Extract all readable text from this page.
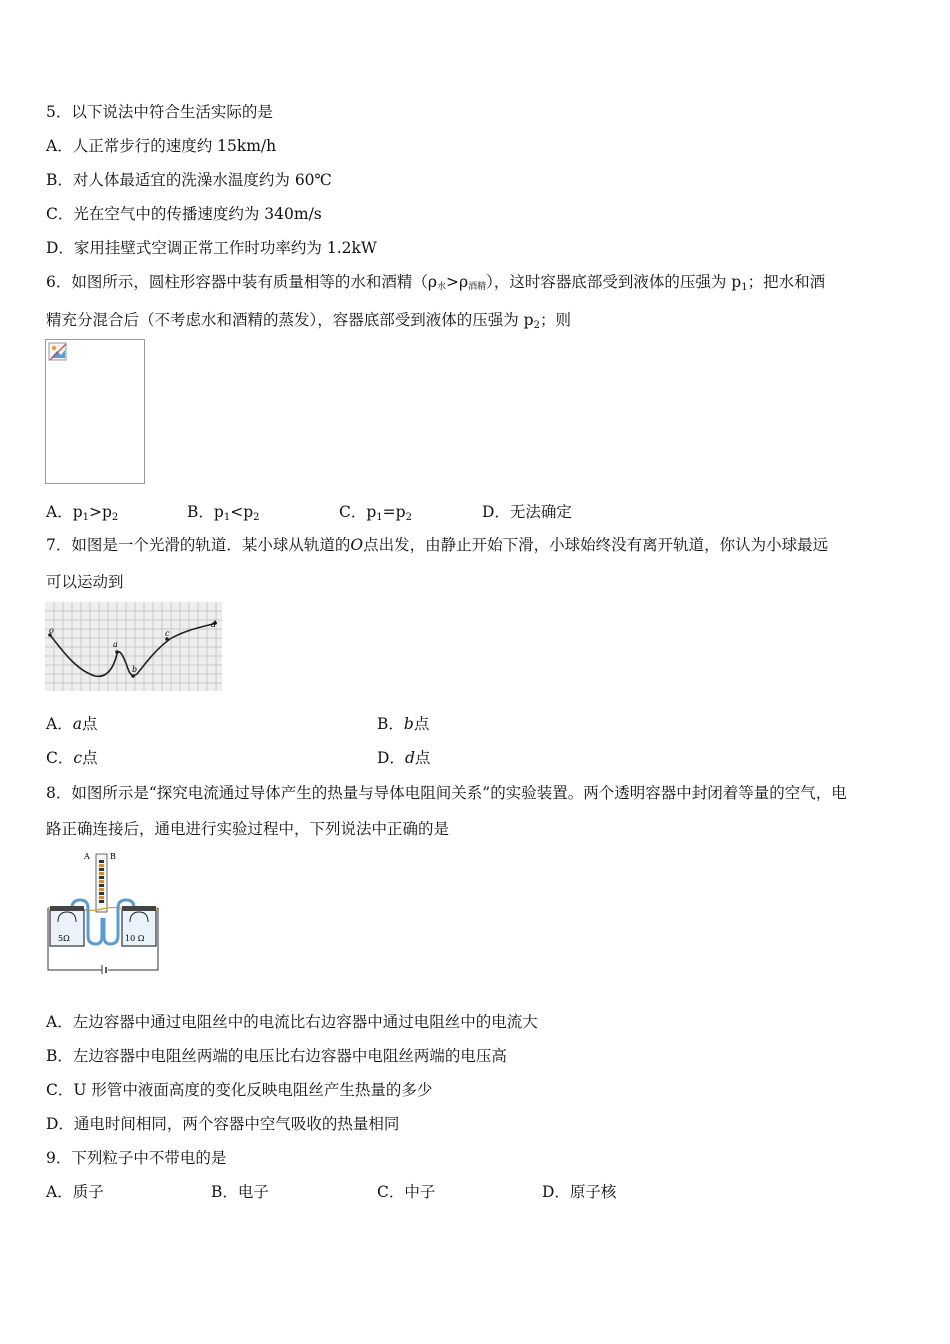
5．以下说法中符合生活实际的是
A．人正常步行的速度约 15km/h
B．对人体最适宜的洗澡水温度约为 60℃
C．光在空气中的传播速度约为 340m/s
D．家用挂壁式空调正常工作时功率约为 1.2kW
6．如图所示，圆柱形容器中装有质量相等的水和酒精（ρ水>ρ酒精），这时容器底部受到液体的压强为 $p_1$；把水和酒
精充分混合后（不考虑水和酒精的蒸发），容器底部受到液体的压强为 $p_2$；则
A．$p_1>p_2$	B．$p_1<p_2$	C．$p_1=p_2$	D．无法确定
7．如图是一个光滑的轨道．某小球从轨道的O点出发，由静止开始下滑，小球始终没有离开轨道，你认为小球最远
可以运动到
o
a
b
c
d
A．a点	B．b点
C．c点	D．d点
8．如图所示是“探究电流通过导体产生的热量与导体电阻间关系”的实验装置。两个透明容器中封闭着等量的空气，电
路正确连接后，通电进行实验过程中，下列说法中正确的是
A	B
5Ω	10 Ω
A．左边容器中通过电阻丝中的电流比右边容器中通过电阻丝中的电流大
B．左边容器中电阻丝两端的电压比右边容器中电阻丝两端的电压高
C．U 形管中液面高度的变化反映电阻丝产生热量的多少
D．通电时间相同，两个容器中空气吸收的热量相同
9．下列粒子中不带电的是
A．质子	B．电子	C．中子	D．原子核
